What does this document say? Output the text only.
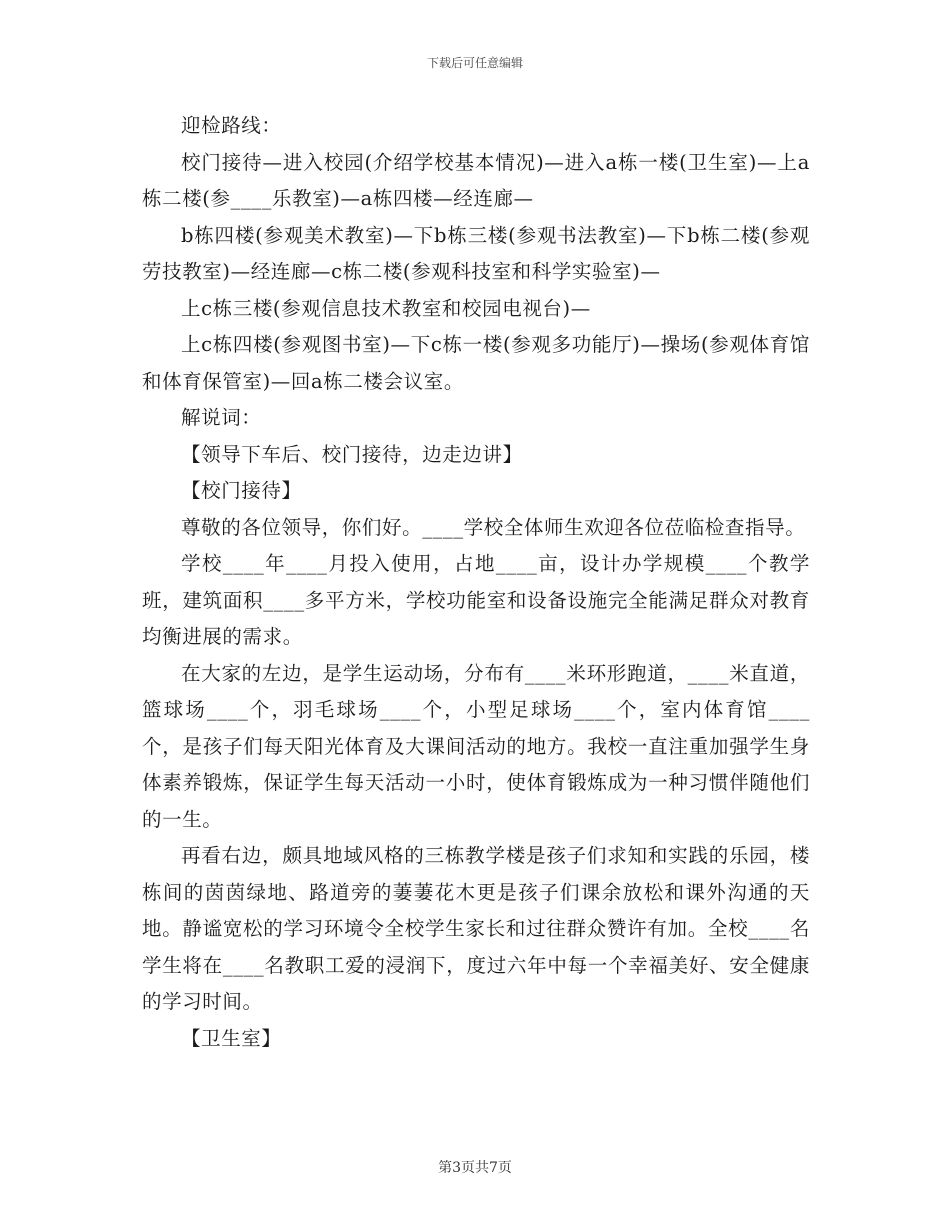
下载后可任意编辑

迎检路线：

校门接待—进入校园(介绍学校基本情况)—进入a栋一楼(卫生室)—上a栋二楼(参____乐教室)—a栋四楼—经连廊—

b栋四楼(参观美术教室)—下b栋三楼(参观书法教室)—下b栋二楼(参观劳技教室)—经连廊—c栋二楼(参观科技室和科学实验室)—

上c栋三楼(参观信息技术教室和校园电视台)—

上c栋四楼(参观图书室)—下c栋一楼(参观多功能厅)—操场(参观体育馆和体育保管室)—回a栋二楼会议室。

解说词：

【领导下车后、校门接待，边走边讲】

【校门接待】

尊敬的各位领导，你们好。____学校全体师生欢迎各位莅临检查指导。

学校____年____月投入使用，占地____亩，设计办学规模____个教学班，建筑面积____多平方米，学校功能室和设备设施完全能满足群众对教育均衡进展的需求。

在大家的左边，是学生运动场，分布有____米环形跑道，____米直道，篮球场____个，羽毛球场____个，小型足球场____个，室内体育馆____个，是孩子们每天阳光体育及大课间活动的地方。我校一直注重加强学生身体素养锻炼，保证学生每天活动一小时，使体育锻炼成为一种习惯伴随他们的一生。

再看右边，颇具地域风格的三栋教学楼是孩子们求知和实践的乐园，楼栋间的茵茵绿地、路道旁的萋萋花木更是孩子们课余放松和课外沟通的天地。静谧宽松的学习环境令全校学生家长和过往群众赞许有加。全校____名学生将在____名教职工爱的浸润下，度过六年中每一个幸福美好、安全健康的学习时间。

【卫生室】

第3页共7页
